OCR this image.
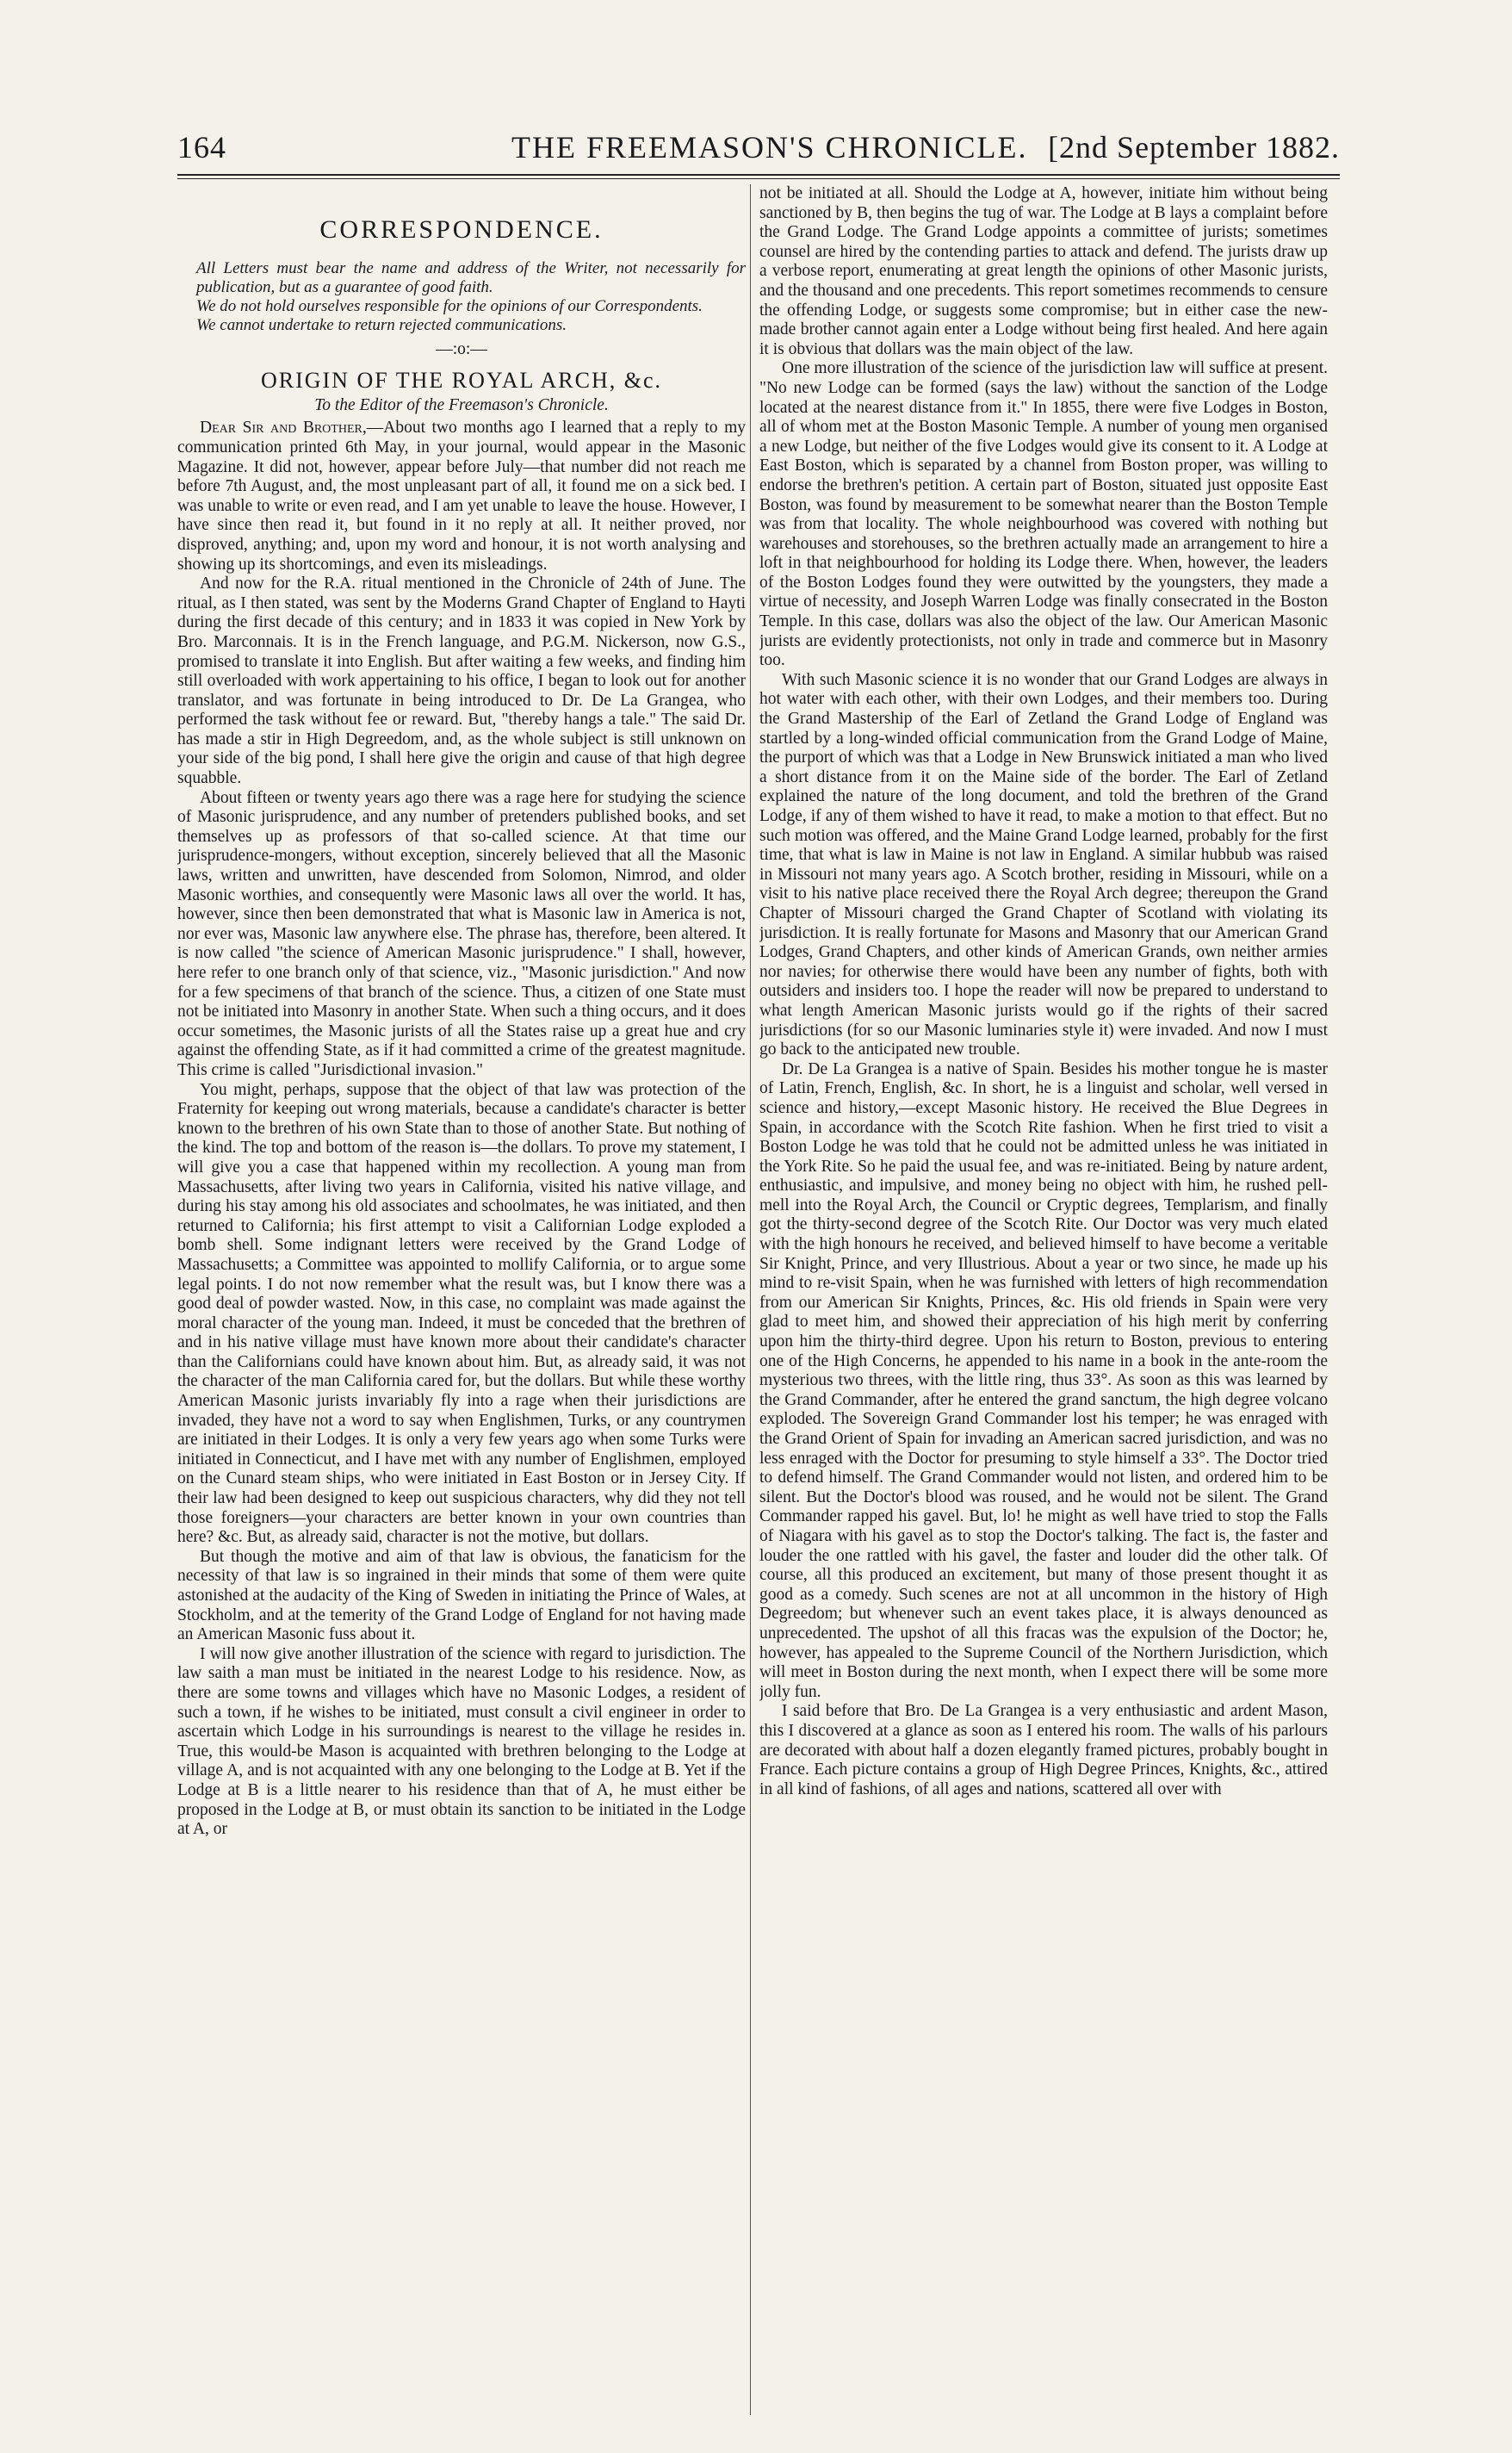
164	THE FREEMASON'S CHRONICLE. [2nd September 1882.
CORRESPONDENCE.

All Letters must bear the name and address of the Writer, not necessarily for publication, but as a guarantee of good faith.

We do not hold ourselves responsible for the opinions of our Correspondents.

We cannot undertake to return rejected communications.

—:o:—
ORIGIN OF THE ROYAL ARCH, &c.
To the Editor of the Freemason's Chronicle.

Dear Sir and Brother,—About two months ago I learned that a reply to my communication printed 6th May, in your journal, would appear in the Masonic Magazine. It did not, however, appear before July—that number did not reach me before 7th August, and, the most unpleasant part of all, it found me on a sick bed. I was unable to write or even read, and I am yet unable to leave the house. However, I have since then read it, but found in it no reply at all. It neither proved, nor disproved, anything; and, upon my word and honour, it is not worth analysing and showing up its shortcomings, and even its misleadings.

And now for the R.A. ritual mentioned in the Chronicle of 24th of June. The ritual, as I then stated, was sent by the Moderns Grand Chapter of England to Hayti during the first decade of this century; and in 1833 it was copied in New York by Bro. Marconnais. It is in the French language, and P.G.M. Nickerson, now G.S., promised to translate it into English. But after waiting a few weeks, and finding him still overloaded with work appertaining to his office, I began to look out for another translator, and was fortunate in being introduced to Dr. De La Grangea, who performed the task without fee or reward. But, "thereby hangs a tale." The said Dr. has made a stir in High Degreedom, and, as the whole subject is still unknown on your side of the big pond, I shall here give the origin and cause of that high degree squabble.

About fifteen or twenty years ago there was a rage here for studying the science of Masonic jurisprudence, and any number of pretenders published books, and set themselves up as professors of that so-called science. At that time our jurisprudence-mongers, without exception, sincerely believed that all the Masonic laws, written and unwritten, have descended from Solomon, Nimrod, and older Masonic worthies, and consequently were Masonic laws all over the world. It has, however, since then been demonstrated that what is Masonic law in America is not, nor ever was, Masonic law anywhere else. The phrase has, therefore, been altered. It is now called "the science of American Masonic jurisprudence." I shall, however, here refer to one branch only of that science, viz., "Masonic jurisdiction." And now for a few specimens of that branch of the science. Thus, a citizen of one State must not be initiated into Masonry in another State. When such a thing occurs, and it does occur sometimes, the Masonic jurists of all the States raise up a great hue and cry against the offending State, as if it had committed a crime of the greatest magnitude. This crime is called "Jurisdictional invasion."

You might, perhaps, suppose that the object of that law was protection of the Fraternity for keeping out wrong materials, because a candidate's character is better known to the brethren of his own State than to those of another State. But nothing of the kind. The top and bottom of the reason is—the dollars. To prove my statement, I will give you a case that happened within my recollection. A young man from Massachusetts, after living two years in California, visited his native village, and during his stay among his old associates and schoolmates, he was initiated, and then returned to California; his first attempt to visit a Californian Lodge exploded a bomb shell. Some indignant letters were received by the Grand Lodge of Massachusetts; a Committee was appointed to mollify California, or to argue some legal points. I do not now remember what the result was, but I know there was a good deal of powder wasted. Now, in this case, no complaint was made against the moral character of the young man. Indeed, it must be conceded that the brethren of and in his native village must have known more about their candidate's character than the Californians could have known about him. But, as already said, it was not the character of the man California cared for, but the dollars. But while these worthy American Masonic jurists invariably fly into a rage when their jurisdictions are invaded, they have not a word to say when Englishmen, Turks, or any countrymen are initiated in their Lodges. It is only a very few years ago when some Turks were initiated in Connecticut, and I have met with any number of Englishmen, employed on the Cunard steam ships, who were initiated in East Boston or in Jersey City. If their law had been designed to keep out suspicious characters, why did they not tell those foreigners—your characters are better known in your own countries than here? &c. But, as already said, character is not the motive, but dollars.

But though the motive and aim of that law is obvious, the fanaticism for the necessity of that law is so ingrained in their minds that some of them were quite astonished at the audacity of the King of Sweden in initiating the Prince of Wales, at Stockholm, and at the temerity of the Grand Lodge of England for not having made an American Masonic fuss about it.

I will now give another illustration of the science with regard to jurisdiction. The law saith a man must be initiated in the nearest Lodge to his residence. Now, as there are some towns and villages which have no Masonic Lodges, a resident of such a town, if he wishes to be initiated, must consult a civil engineer in order to ascertain which Lodge in his surroundings is nearest to the village he resides in. True, this would-be Mason is acquainted with brethren belonging to the Lodge at village A, and is not acquainted with any one belonging to the Lodge at B. Yet if the Lodge at B is a little nearer to his residence than that of A, he must either be proposed in the Lodge at B, or must obtain its sanction to be initiated in the Lodge at A, or

not be initiated at all. Should the Lodge at A, however, initiate him without being sanctioned by B, then begins the tug of war. The Lodge at B lays a complaint before the Grand Lodge. The Grand Lodge appoints a committee of jurists; sometimes counsel are hired by the contending parties to attack and defend. The jurists draw up a verbose report, enumerating at great length the opinions of other Masonic jurists, and the thousand and one precedents. This report sometimes recommends to censure the offending Lodge, or suggests some compromise; but in either case the new-made brother cannot again enter a Lodge without being first healed. And here again it is obvious that dollars was the main object of the law.

One more illustration of the science of the jurisdiction law will suffice at present. "No new Lodge can be formed (says the law) without the sanction of the Lodge located at the nearest distance from it." In 1855, there were five Lodges in Boston, all of whom met at the Boston Masonic Temple. A number of young men organised a new Lodge, but neither of the five Lodges would give its consent to it. A Lodge at East Boston, which is separated by a channel from Boston proper, was willing to endorse the brethren's petition. A certain part of Boston, situated just opposite East Boston, was found by measurement to be somewhat nearer than the Boston Temple was from that locality. The whole neighbourhood was covered with nothing but warehouses and storehouses, so the brethren actually made an arrangement to hire a loft in that neighbourhood for holding its Lodge there. When, however, the leaders of the Boston Lodges found they were outwitted by the youngsters, they made a virtue of necessity, and Joseph Warren Lodge was finally consecrated in the Boston Temple. In this case, dollars was also the object of the law. Our American Masonic jurists are evidently protectionists, not only in trade and commerce but in Masonry too.

With such Masonic science it is no wonder that our Grand Lodges are always in hot water with each other, with their own Lodges, and their members too. During the Grand Mastership of the Earl of Zetland the Grand Lodge of England was startled by a long-winded official communication from the Grand Lodge of Maine, the purport of which was that a Lodge in New Brunswick initiated a man who lived a short distance from it on the Maine side of the border. The Earl of Zetland explained the nature of the long document, and told the brethren of the Grand Lodge, if any of them wished to have it read, to make a motion to that effect. But no such motion was offered, and the Maine Grand Lodge learned, probably for the first time, that what is law in Maine is not law in England. A similar hubbub was raised in Missouri not many years ago. A Scotch brother, residing in Missouri, while on a visit to his native place received there the Royal Arch degree; thereupon the Grand Chapter of Missouri charged the Grand Chapter of Scotland with violating its jurisdiction. It is really fortunate for Masons and Masonry that our American Grand Lodges, Grand Chapters, and other kinds of American Grands, own neither armies nor navies; for otherwise there would have been any number of fights, both with outsiders and insiders too. I hope the reader will now be prepared to understand to what length American Masonic jurists would go if the rights of their sacred jurisdictions (for so our Masonic luminaries style it) were invaded. And now I must go back to the anticipated new trouble.

Dr. De La Grangea is a native of Spain. Besides his mother tongue he is master of Latin, French, English, &c. In short, he is a linguist and scholar, well versed in science and history,—except Masonic history. He received the Blue Degrees in Spain, in accordance with the Scotch Rite fashion. When he first tried to visit a Boston Lodge he was told that he could not be admitted unless he was initiated in the York Rite. So he paid the usual fee, and was re-initiated. Being by nature ardent, enthusiastic, and impulsive, and money being no object with him, he rushed pell-mell into the Royal Arch, the Council or Cryptic degrees, Templarism, and finally got the thirty-second degree of the Scotch Rite. Our Doctor was very much elated with the high honours he received, and believed himself to have become a veritable Sir Knight, Prince, and very Illustrious. About a year or two since, he made up his mind to re-visit Spain, when he was furnished with letters of high recommendation from our American Sir Knights, Princes, &c. His old friends in Spain were very glad to meet him, and showed their appreciation of his high merit by conferring upon him the thirty-third degree. Upon his return to Boston, previous to entering one of the High Concerns, he appended to his name in a book in the ante-room the mysterious two threes, with the little ring, thus 33°. As soon as this was learned by the Grand Commander, after he entered the grand sanctum, the high degree volcano exploded. The Sovereign Grand Commander lost his temper; he was enraged with the Grand Orient of Spain for invading an American sacred jurisdiction, and was no less enraged with the Doctor for presuming to style himself a 33°. The Doctor tried to defend himself. The Grand Commander would not listen, and ordered him to be silent. But the Doctor's blood was roused, and he would not be silent. The Grand Commander rapped his gavel. But, lo! he might as well have tried to stop the Falls of Niagara with his gavel as to stop the Doctor's talking. The fact is, the faster and louder the one rattled with his gavel, the faster and louder did the other talk. Of course, all this produced an excitement, but many of those present thought it as good as a comedy. Such scenes are not at all uncommon in the history of High Degreedom; but whenever such an event takes place, it is always denounced as unprecedented. The upshot of all this fracas was the expulsion of the Doctor; he, however, has appealed to the Supreme Council of the Northern Jurisdiction, which will meet in Boston during the next month, when I expect there will be some more jolly fun.

I said before that Bro. De La Grangea is a very enthusiastic and ardent Mason, this I discovered at a glance as soon as I entered his room. The walls of his parlours are decorated with about half a dozen elegantly framed pictures, probably bought in France. Each picture contains a group of High Degree Princes, Knights, &c., attired in all kind of fashions, of all ages and nations, scattered all over with
